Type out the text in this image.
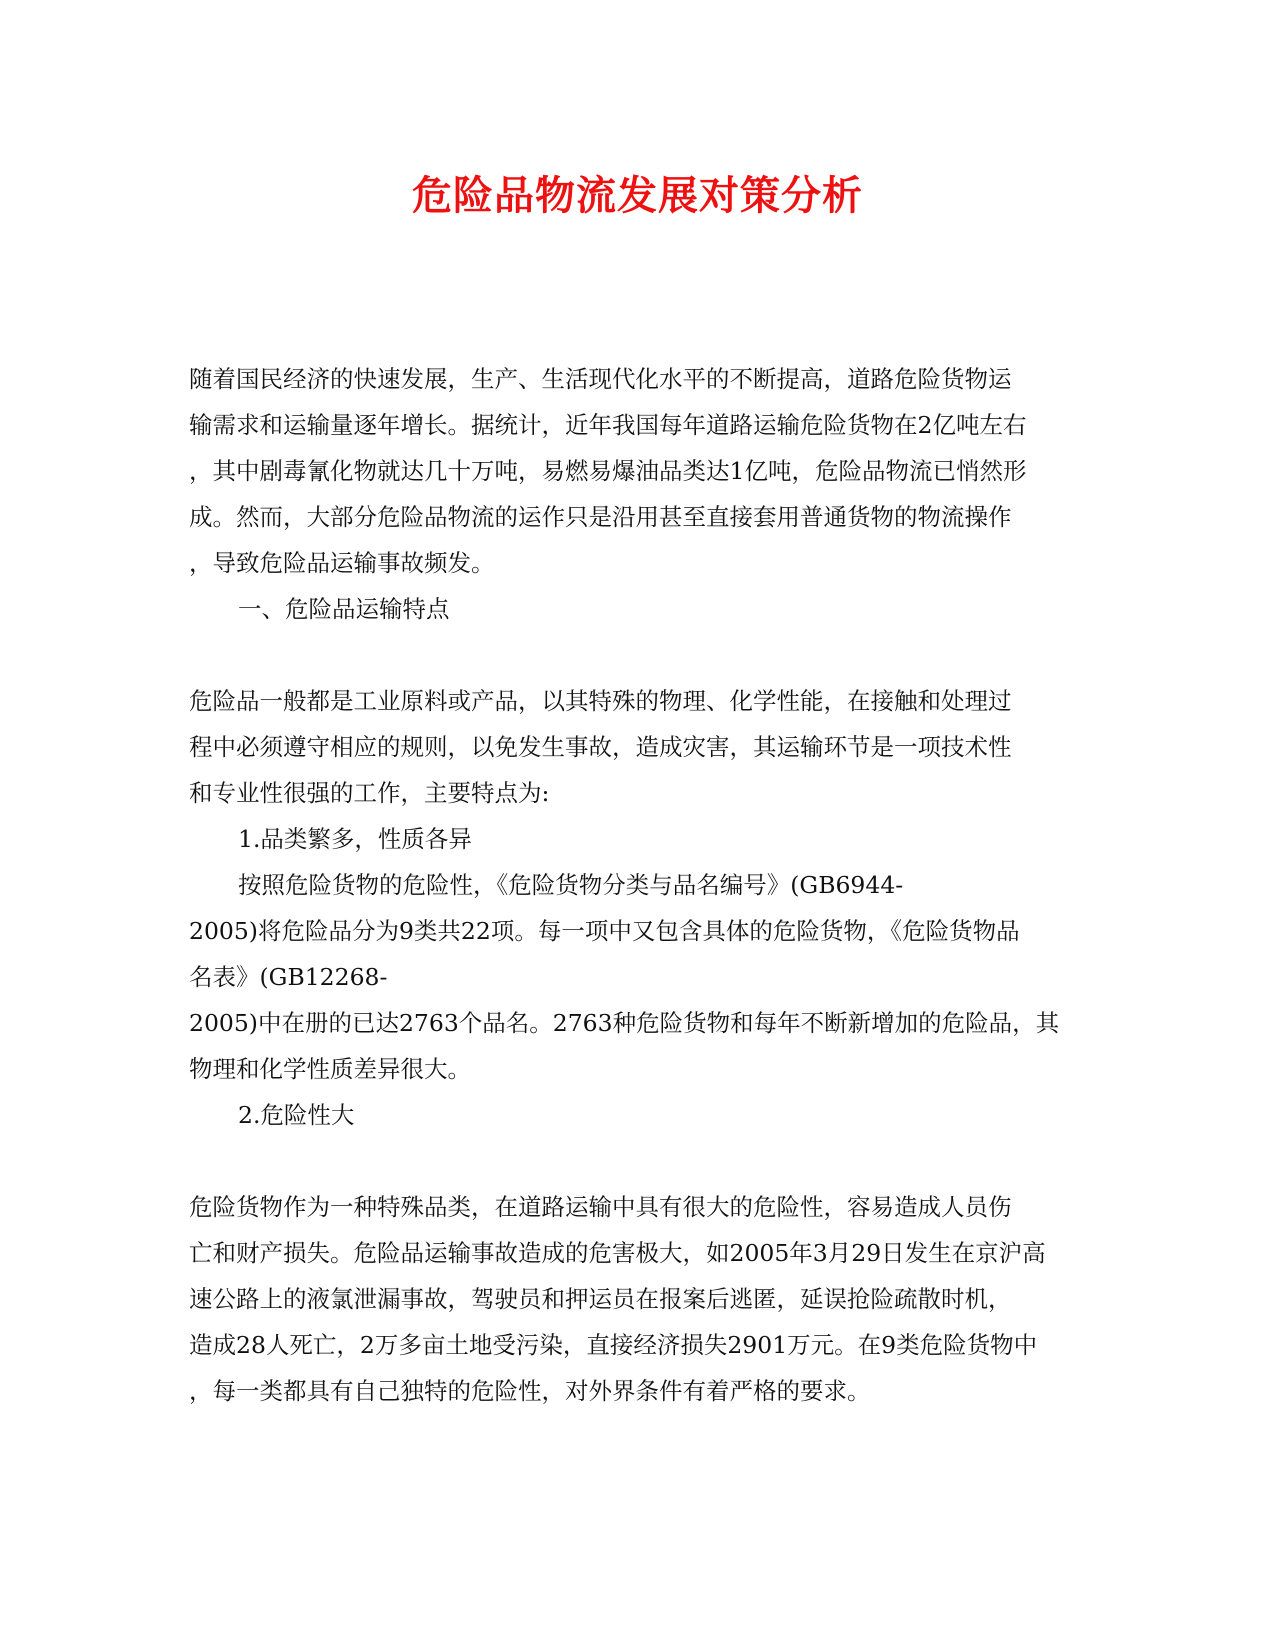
危险品物流发展对策分析

随着国民经济的快速发展，生产、生活现代化水平的不断提高，道路危险货物运

输需求和运输量逐年增长。据统计，近年我国每年道路运输危险货物在2亿吨左右

，其中剧毒氰化物就达几十万吨，易燃易爆油品类达1亿吨，危险品物流已悄然形

成。然而，大部分危险品物流的运作只是沿用甚至直接套用普通货物的物流操作

，导致危险品运输事故频发。

一、危险品运输特点

危险品一般都是工业原料或产品，以其特殊的物理、化学性能，在接触和处理过

程中必须遵守相应的规则，以免发生事故，造成灾害，其运输环节是一项技术性

和专业性很强的工作，主要特点为:

1.品类繁多，性质各异

按照危险货物的危险性，《危险货物分类与品名编号》(GB6944-

2005)将危险品分为9类共22项。每一项中又包含具体的危险货物，《危险货物品

名表》(GB12268-

2005)中在册的已达2763个品名。2763种危险货物和每年不断新增加的危险品，其

物理和化学性质差异很大。

2.危险性大

危险货物作为一种特殊品类，在道路运输中具有很大的危险性，容易造成人员伤

亡和财产损失。危险品运输事故造成的危害极大，如2005年3月29日发生在京沪高

速公路上的液氯泄漏事故，驾驶员和押运员在报案后逃匿，延误抢险疏散时机，

造成28人死亡，2万多亩土地受污染，直接经济损失2901万元。在9类危险货物中

，每一类都具有自己独特的危险性，对外界条件有着严格的要求。
